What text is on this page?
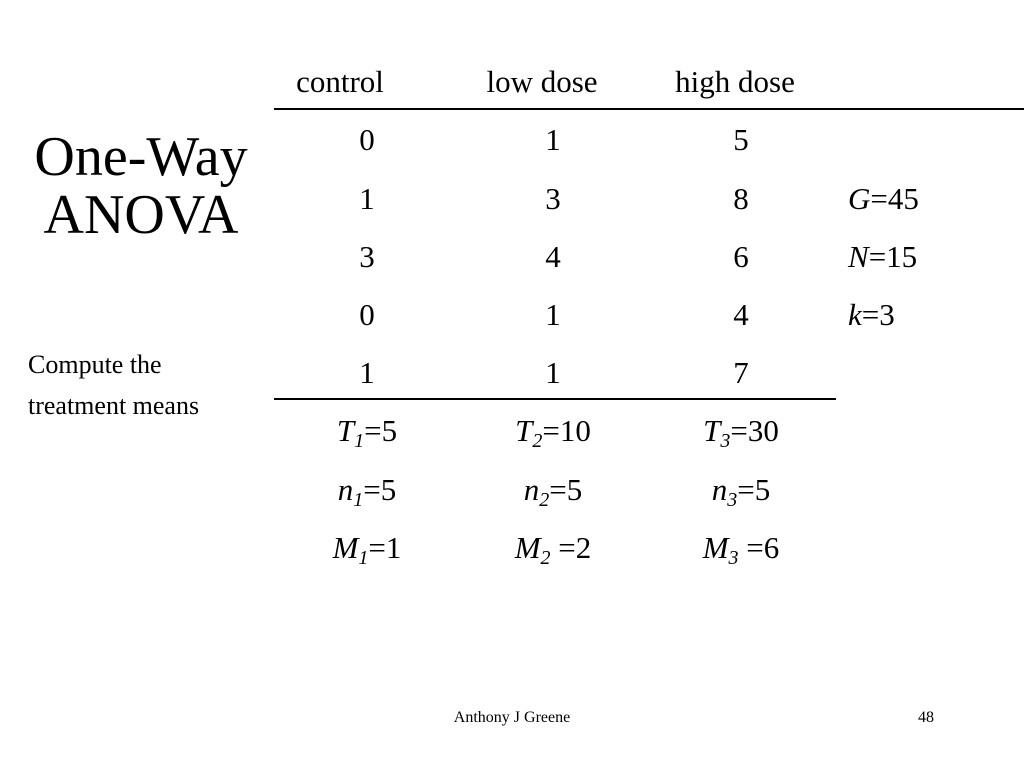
One-Way
ANOVA
Compute the
treatment means
control	low dose	high dose
0	1	5
1	3	8
3	4	6
0	1	4
1	1	7
$T_1=5$	$T_2=10$	$T_3=30$
$n_1=5$	$n_2=5$	$n_3=5$
$M_1=1$	$M_2 =2$	$M_3 =6$
G=45
N=15
k=3
Anthony J Greene	48
